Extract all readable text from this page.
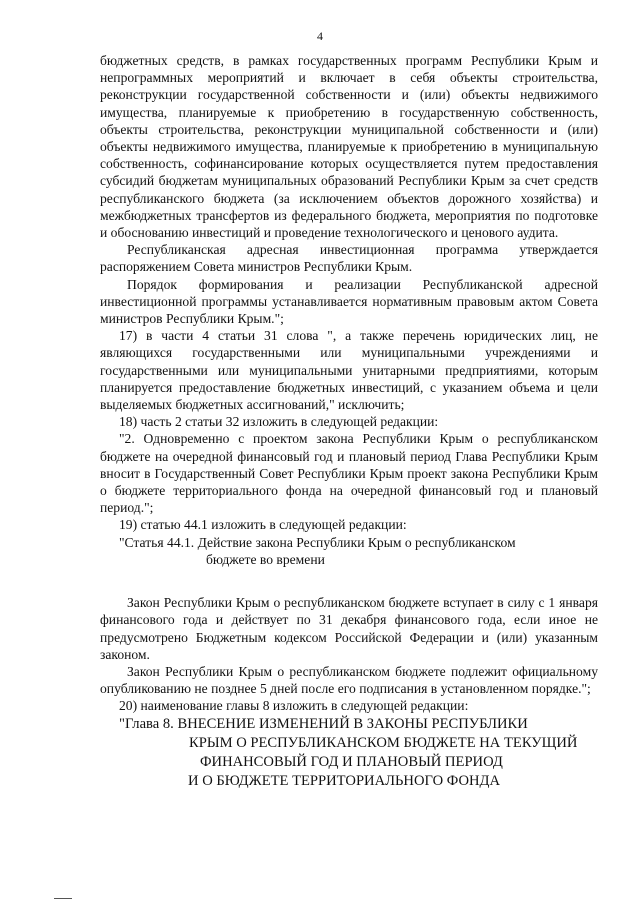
4

бюджетных средств, в рамках государственных программ Республики Крым и непрограммных мероприятий и включает в себя объекты строительства, реконструкции государственной собственности и (или) объекты недвижимого имущества, планируемые к приобретению в государственную собственность, объекты строительства, реконструкции муниципальной собственности и (или) объекты недвижимого имущества, планируемые к приобретению в муниципальную собственность, софинансирование которых осуществляется путем предоставления субсидий бюджетам муниципальных образований Республики Крым за счет средств республиканского бюджета (за исключением объектов дорожного хозяйства) и межбюджетных трансфертов из федерального бюджета, мероприятия по подготовке и обоснованию инвестиций и проведение технологического и ценового аудита.

Республиканская адресная инвестиционная программа утверждается распоряжением Совета министров Республики Крым.

Порядок формирования и реализации Республиканской адресной инвестиционной программы устанавливается нормативным правовым актом Совета министров Республики Крым.";

17) в части 4 статьи 31 слова ", а также перечень юридических лиц, не являющихся государственными или муниципальными учреждениями и государственными или муниципальными унитарными предприятиями, которым планируется предоставление бюджетных инвестиций, с указанием объема и цели выделяемых бюджетных ассигнований," исключить;

18) часть 2 статьи 32 изложить в следующей редакции:

"2. Одновременно с проектом закона Республики Крым о республиканском бюджете на очередной финансовый год и плановый период Глава Республики Крым вносит в Государственный Совет Республики Крым проект закона Республики Крым о бюджете территориального фонда на очередной финансовый год и плановый период.";

19) статью 44.1 изложить в следующей редакции:

"Статья 44.1. Действие закона Республики Крым о республиканском
бюджете во времени

Закон Республики Крым о республиканском бюджете вступает в силу с 1 января финансового года и действует по 31 декабря финансового года, если иное не предусмотрено Бюджетным кодексом Российской Федерации и (или) указанным законом.

Закон Республики Крым о республиканском бюджете подлежит официальному опубликованию не позднее 5 дней после его подписания в установленном порядке.";

20) наименование главы 8 изложить в следующей редакции:

"Глава 8. ВНЕСЕНИЕ ИЗМЕНЕНИЙ В ЗАКОНЫ РЕСПУБЛИКИ
КРЫМ О РЕСПУБЛИКАНСКОМ БЮДЖЕТЕ НА ТЕКУЩИЙ
ФИНАНСОВЫЙ ГОД И ПЛАНОВЫЙ ПЕРИОД
И О БЮДЖЕТЕ ТЕРРИТОРИАЛЬНОГО ФОНДА
